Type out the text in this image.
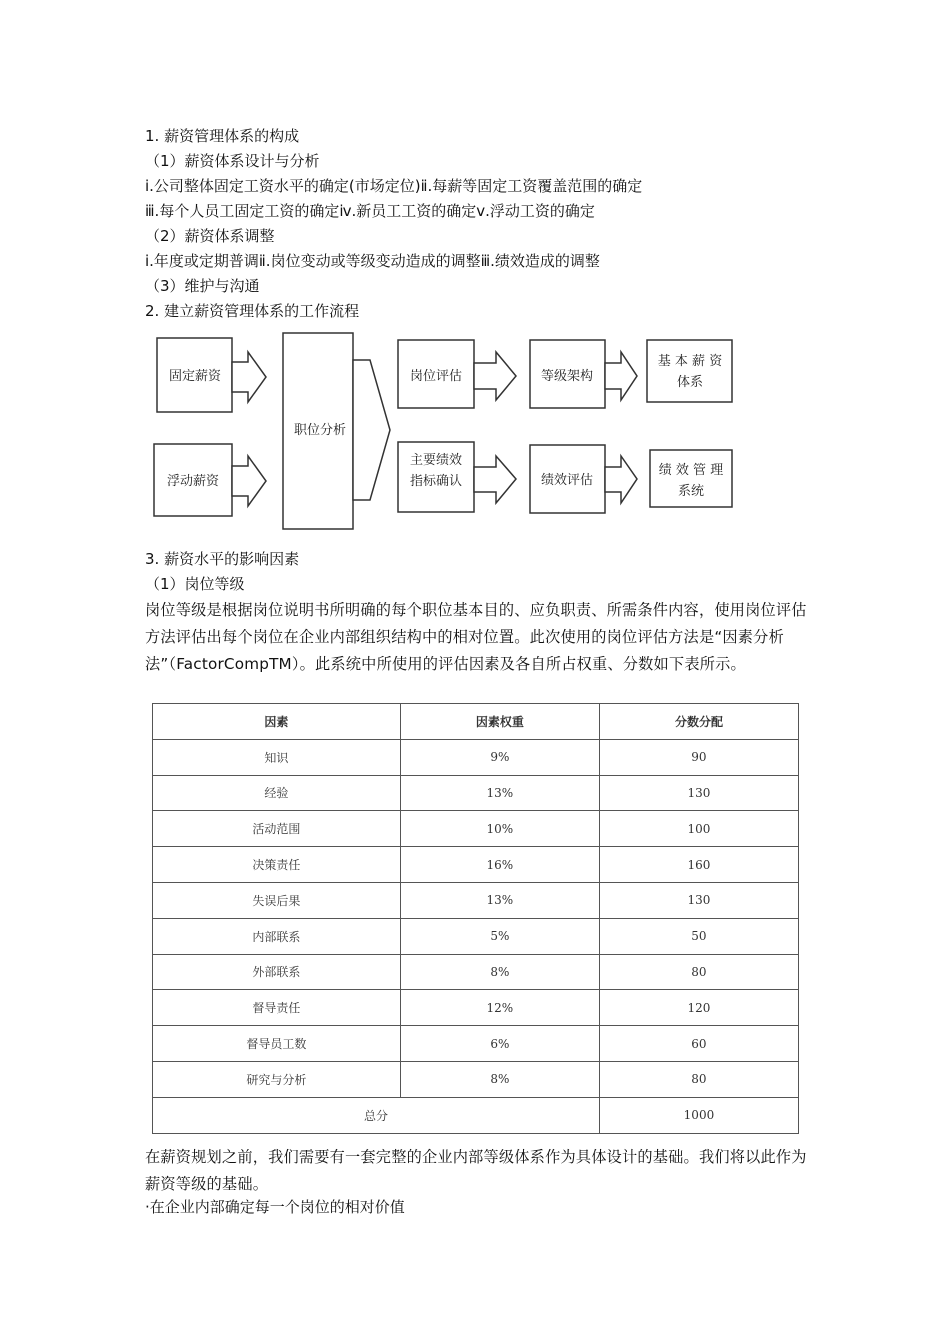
1. 薪资管理体系的构成
（1）薪资体系设计与分析
ⅰ.公司整体固定工资水平的确定(市场定位)ⅱ.每薪等固定工资覆盖范围的确定
ⅲ.每个人员工固定工资的确定ⅳ.新员工工资的确定ⅴ.浮动工资的确定
（2）薪资体系调整
ⅰ.年度或定期普调ⅱ.岗位变动或等级变动造成的调整ⅲ.绩效造成的调整
（3）维护与沟通
2. 建立薪资管理体系的工作流程
固定薪资
浮动薪资
职位分析
岗位评估	等级架构
基 本 薪 资
体系
主要绩效
指标确认	绩效评估
绩 效 管 理
系统
3. 薪资水平的影响因素
（1）岗位等级
岗位等级是根据岗位说明书所明确的每个职位基本目的、应负职责、所需条件内容，使用岗位评估方法评估出每个岗位在企业内部组织结构中的相对位置。此次使用的岗位评估方法是“因素分析法”（FactorCompTM）。此系统中所使用的评估因素及各自所占权重、分数如下表所示。
因素	因素权重	分数分配
知识	9%	90
经验	13%	130
活动范围	10%	100
决策责任	16%	160
失误后果	13%	130
内部联系	5%	50
外部联系	8%	80
督导责任	12%	120
督导员工数	6%	60
研究与分析	8%	80
总分		1000
在薪资规划之前，我们需要有一套完整的企业内部等级体系作为具体设计的基础。我们将以此作为薪资等级的基础。
·在企业内部确定每一个岗位的相对价值
